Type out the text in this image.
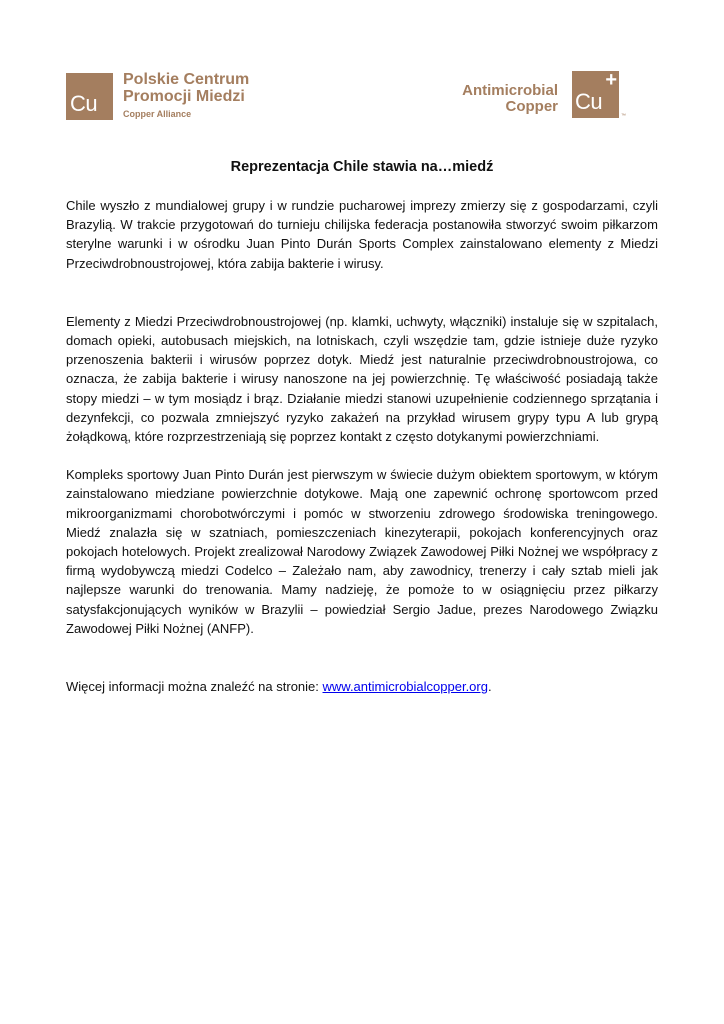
Cu
Polskie Centrum
Promocji Miedzi
Copper Alliance
Antimicrobial
Copper Cu
+
™
Reprezentacja Chile stawia na…miedź

Chile wyszło z mundialowej grupy i w rundzie pucharowej imprezy zmierzy się z gospodarzami, czyli Brazylią. W trakcie przygotowań do turnieju chilijska federacja postanowiła stworzyć swoim piłkarzom sterylne warunki i w ośrodku Juan Pinto Durán Sports Complex zainstalowano elementy z Miedzi Przeciwdrobnoustrojowej, która zabija bakterie i wirusy.

Elementy z Miedzi Przeciwdrobnoustrojowej (np. klamki, uchwyty, włączniki) instaluje się w szpitalach, domach opieki, autobusach miejskich, na lotniskach, czyli wszędzie tam, gdzie istnieje duże ryzyko przenoszenia bakterii i wirusów poprzez dotyk. Miedź jest naturalnie przeciwdrobnoustrojowa, co oznacza, że zabija bakterie i wirusy nanoszone na jej powierzchnię. Tę właściwość posiadają także stopy miedzi – w tym mosiądz i brąz. Działanie miedzi stanowi uzupełnienie codziennego sprzątania i dezynfekcji, co pozwala zmniejszyć ryzyko zakażeń na przykład wirusem grypy typu A lub grypą żołądkową, które rozprzestrzeniają się poprzez kontakt z często dotykanymi powierzchniami.

Kompleks sportowy Juan Pinto Durán jest pierwszym w świecie dużym obiektem sportowym, w którym zainstalowano miedziane powierzchnie dotykowe. Mają one zapewnić ochronę sportowcom przed mikroorganizmami chorobotwórczymi i pomóc w stworzeniu zdrowego środowiska treningowego. Miedź znalazła się w szatniach, pomieszczeniach kinezyterapii, pokojach konferencyjnych oraz pokojach hotelowych. Projekt zrealizował Narodowy Związek Zawodowej Piłki Nożnej we współpracy z firmą wydobywczą miedzi Codelco – Zależało nam, aby zawodnicy, trenerzy i cały sztab mieli jak najlepsze warunki do trenowania. Mamy nadzieję, że pomoże to w osiągnięciu przez piłkarzy satysfakcjonujących wyników w Brazylii – powiedział Sergio Jadue, prezes Narodowego Związku Zawodowej Piłki Nożnej (ANFP).

Więcej informacji można znaleźć na stronie: www.antimicrobialcopper.org.
